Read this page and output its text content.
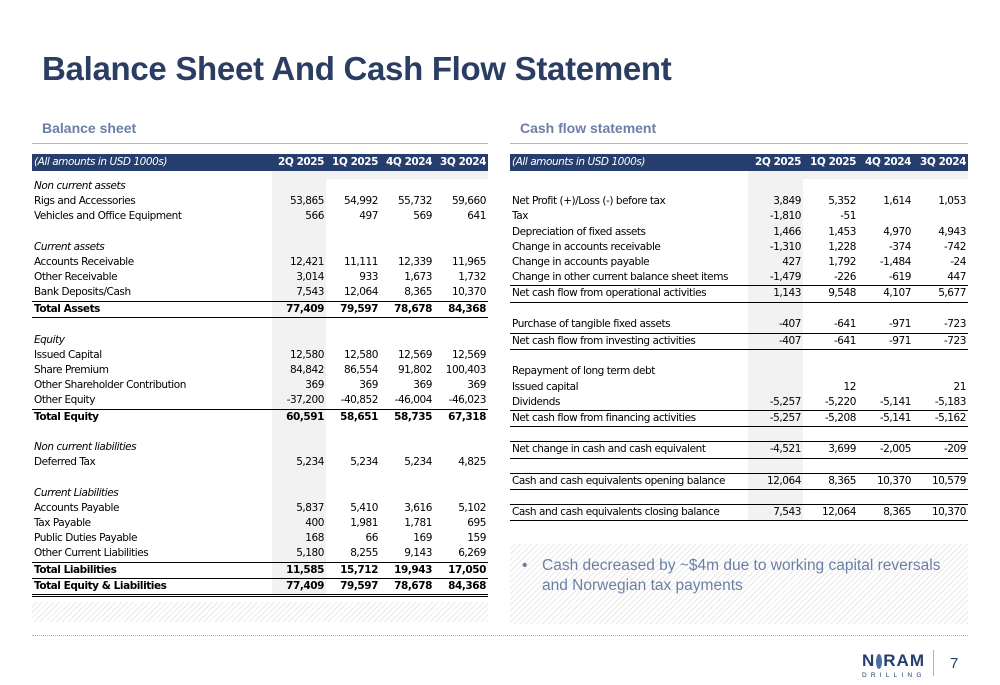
Balance Sheet And Cash Flow Statement
Balance sheet
(All amounts in USD 1000s)	2Q 2025	1Q 2025	4Q 2024	3Q 2024

Non current assets				
Rigs and Accessories	53,865	54,992	55,732	59,660
Vehicles and Office Equipment	566	497	569	641

Current assets				
Accounts Receivable	12,421	11,111	12,339	11,965
Other Receivable	3,014	933	1,673	1,732
Bank Deposits/Cash	7,543	12,064	8,365	10,370
Total Assets	77,409	79,597	78,678	84,368

Equity				
Issued Capital	12,580	12,580	12,569	12,569
Share Premium	84,842	86,554	91,802	100,403
Other Shareholder Contribution	369	369	369	369
Other Equity	-37,200	-40,852	-46,004	-46,023
Total Equity	60,591	58,651	58,735	67,318

Non current liabilities				
Deferred Tax	5,234	5,234	5,234	4,825

Current Liabilities				
Accounts Payable	5,837	5,410	3,616	5,102
Tax Payable	400	1,981	1,781	695
Public Duties Payable	168	66	169	159
Other Current Liabilities	5,180	8,255	9,143	6,269
Total Liabilities	11,585	15,712	19,943	17,050
Total Equity & Liabilities	77,409	79,597	78,678	84,368
Cash flow statement
(All amounts in USD 1000s)	2Q 2025	1Q 2025	4Q 2024	3Q 2024

Net Profit (+)/Loss (-) before tax	3,849	5,352	1,614	1,053
Tax	-1,810	-51		
Depreciation of fixed assets	1,466	1,453	4,970	4,943
Change in accounts receivable	-1,310	1,228	-374	-742
Change in accounts payable	427	1,792	-1,484	-24
Change in other current balance sheet items	-1,479	-226	-619	447
Net cash flow from operational activities	1,143	9,548	4,107	5,677

Purchase of tangible fixed assets	-407	-641	-971	-723
Net cash flow from investing activities	-407	-641	-971	-723

Repayment of long term debt				
Issued capital		12		21
Dividends	-5,257	-5,220	-5,141	-5,183
Net cash flow from financing activities	-5,257	-5,208	-5,141	-5,162

Net change in cash and cash equivalent	-4,521	3,699	-2,005	-209

Cash and cash equivalents opening balance	12,064	8,365	10,370	10,579

Cash and cash equivalents closing balance	7,543	12,064	8,365	10,370
• Cash decreased by ~$4m due to working capital reversals and Norwegian tax payments
N RAM
DRILLING
7
